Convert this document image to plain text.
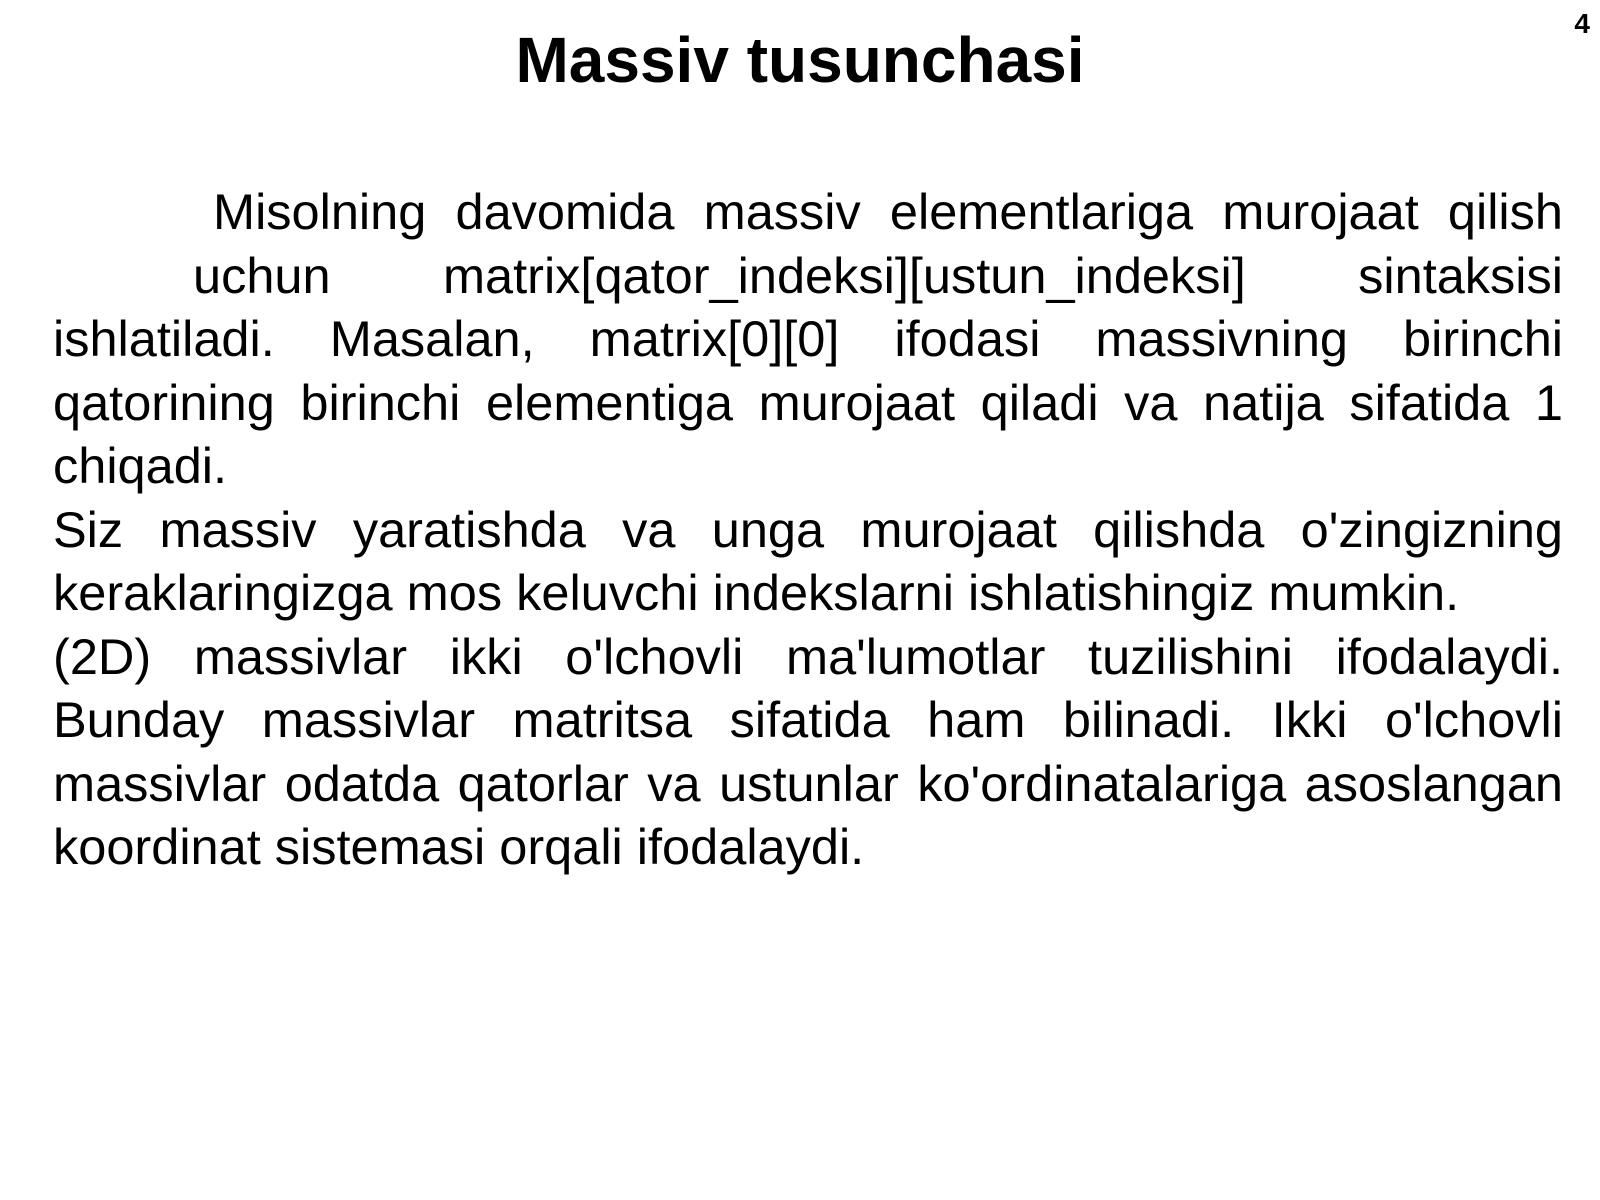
4
Massiv tusunchasi

Misolning davomida massiv elementlariga murojaat qilishuchun matrix[qator_indeksi][ustun_indeksi] sintaksisi ishlatiladi. Masalan, matrix[0][0] ifodasi massivning birinchi qatorining birinchi elementiga murojaat qiladi va natija sifatida 1 chiqadi.

Siz massiv yaratishda va unga murojaat qilishda o'zingizning keraklaringizga mos keluvchi indekslarni ishlatishingiz mumkin.

(2D) massivlar ikki o'lchovli ma'lumotlar tuzilishini ifodalaydi. Bunday massivlar matritsa sifatida ham bilinadi. Ikki o'lchovli massivlar odatda qatorlar va ustunlar ko'ordinatalariga asoslangan koordinat sistemasi orqali ifodalaydi.
